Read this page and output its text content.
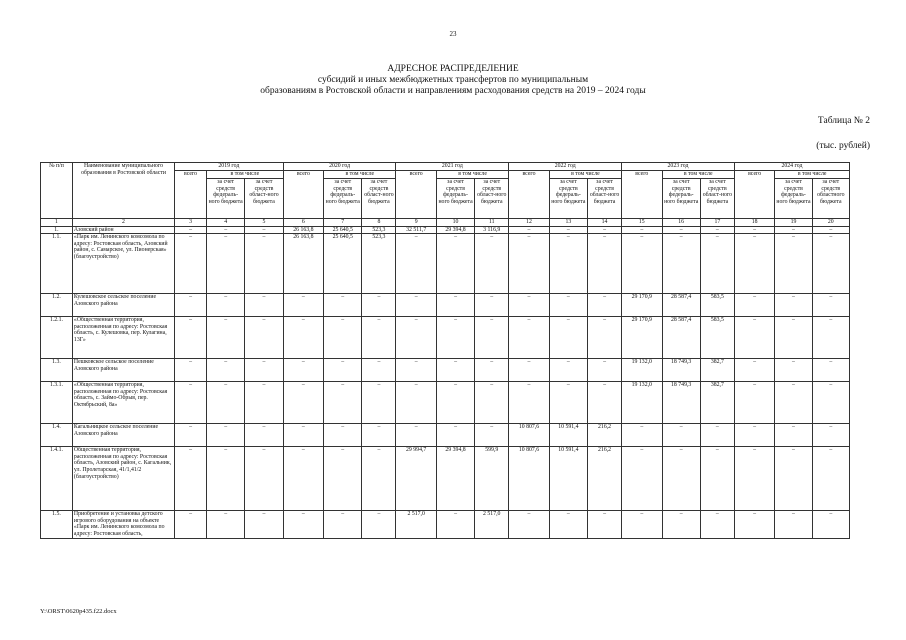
23
АДРЕСНОЕ РАСПРЕДЕЛЕНИЕ
субсидий и иных межбюджетных трансфертов по муниципальным
образованиям в Ростовской области и направлениям расходования средств на 2019 – 2024 годы
Таблица № 2
(тыс. рублей)
№ п/п	Наименование муниципального образования в Ростовской области	2019 год			2020 год			2021 год			2022 год			2023 год			2024 год		
		всего	в том числе		всего	в том числе		всего	в том числе		всего	в том числе		всего	в том числе		всего	в том числе	
			за счет средств федераль-ного бюджета	за счет средств област-ного бюджета		за счет средств федераль-ного бюджета	за счет средств област-ного бюджета		за счет средств федераль-ного бюджета	за счет средств област-ного бюджета		за счет средств федераль-ного бюджета	за счет средств област-ного бюджета		за счет средств федераль-ного бюджета	за счет средств област-ного бюджета		за счет средств федераль-ного бюджета	за счет средств областного бюджета
1	2	3	4	5	6	7	8	9	10	11	12	13	14	15	16	17	18	19	20
1.	Азовский район	–	–	–	26 163,8	25 640,5	523,3	32 511,7	29 394,8	3 116,9	–	–	–	–	–	–	–	–	–
1.1.	«Парк им. Ленинского комсомола по адресу: Ростовская область, Азовский район, с. Самарское, ул. Пионерская» (благоустройство)	–	–	–	26 163,8	25 640,5	523,3	–	–	–	–	–	–	–	–	–	–	–	–
1.2.	Кулешовское сельское поселение Азовского района	–	–	–	–	–	–	–	–	–	–	–	–	29 170,9	28 587,4	583,5	–	–	–
1.2.1.	«Общественная территория, расположенная по адресу: Ростовская область, с. Кулешовка, пер. Кулагина, 13Г»	–	–	–	–	–	–	–	–	–	–	–	–	29 170,9	28 587,4	583,5	–	–	–
1.3.	Пешковское сельское поселение Азовского района	–	–	–	–	–	–	–	–	–	–	–	–	19 132,0	18 749,3	382,7	–	–	–
1.3.1.	«Общественная территория, расположенная по адресу: Ростовская область, с. Займо-Обрыв, пер. Октябрьский, 8а»	–	–	–	–	–	–	–	–	–	–	–	–	19 132,0	18 749,3	382,7	–	–	–
1.4.	Кагальницкое сельское поселение Азовского района	–	–	–	–	–	–	–	–	–	10 807,6	10 591,4	216,2	–	–	–	–	–	–
1.4.1.	Общественная территория, расположенная по адресу: Ростовская область, Азовский район, с. Кагальник, ул. Пролетарская, 41/1,41/2 (благоустройство)	–	–	–	–	–	–	29 994,7	29 394,8	599,9	10 807,6	10 591,4	216,2	–	–	–	–	–	–
1.5.	Приобретение и установка детского игрового оборудования на объекте «Парк им. Ленинского комсомола по адресу: Ростовская область,	–	–	–	–	–	–	2 517,0	–	2 517,0	–	–	–	–	–	–	–	–	–
Y:\ORST\0620p435.f22.docx
